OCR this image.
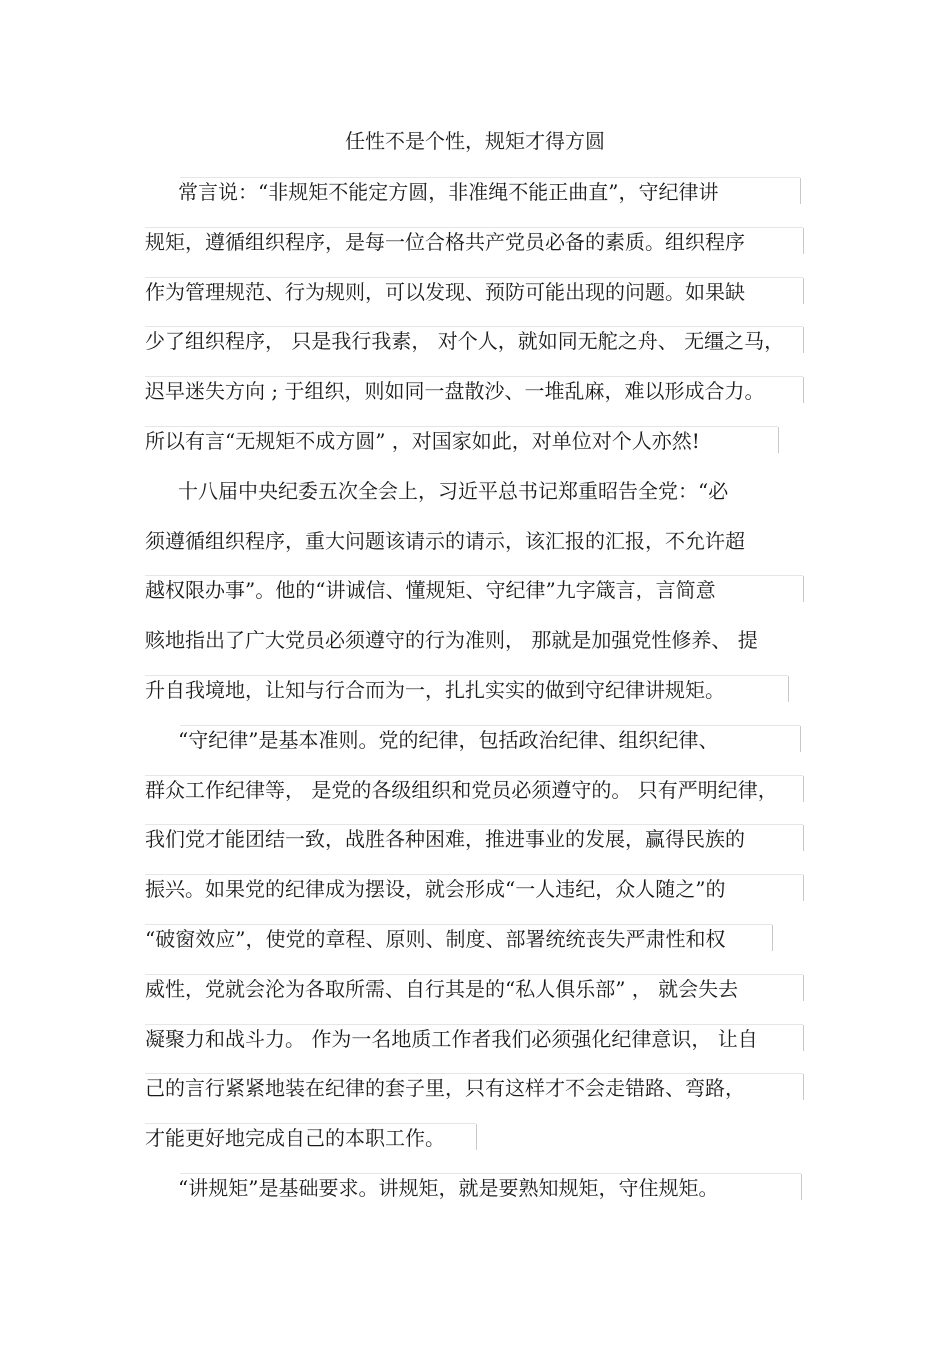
任性不是个性，规矩才得方圆
常言说：“非规矩不能定方圆，非准绳不能正曲直”，守纪律讲
规矩，遵循组织程序，是每一位合格共产党员必备的素质。组织程序
作为管理规范、行为规则，可以发现、预防可能出现的问题。如果缺
少了组织程序， 只是我行我素， 对个人，就如同无舵之舟、 无缰之马，
迟早迷失方向 ; 于组织，则如同一盘散沙、一堆乱麻，难以形成合力。
所以有言“无规矩不成方圆” ，对国家如此，对单位对个人亦然!
十八届中央纪委五次全会上，习近平总书记郑重昭告全党：“必
须遵循组织程序，重大问题该请示的请示，该汇报的汇报，不允许超
越权限办事”。他的“讲诚信、懂规矩、守纪律”九字箴言，言简意
赅地指出了广大党员必须遵守的行为准则， 那就是加强党性修养、 提
升自我境地，让知与行合而为一，扎扎实实的做到守纪律讲规矩。
“守纪律”是基本准则。党的纪律，包括政治纪律、组织纪律、
群众工作纪律等， 是党的各级组织和党员必须遵守的。 只有严明纪律，
我们党才能团结一致，战胜各种困难，推进事业的发展，赢得民族的
振兴。如果党的纪律成为摆设，就会形成“一人违纪，众人随之”的
“破窗效应”，使党的章程、原则、制度、部署统统丧失严肃性和权
威性，党就会沦为各取所需、自行其是的“私人俱乐部” ， 就会失去
凝聚力和战斗力。 作为一名地质工作者我们必须强化纪律意识， 让自
己的言行紧紧地装在纪律的套子里，只有这样才不会走错路、弯路，
才能更好地完成自己的本职工作。
“讲规矩”是基础要求。讲规矩，就是要熟知规矩，守住规矩。
